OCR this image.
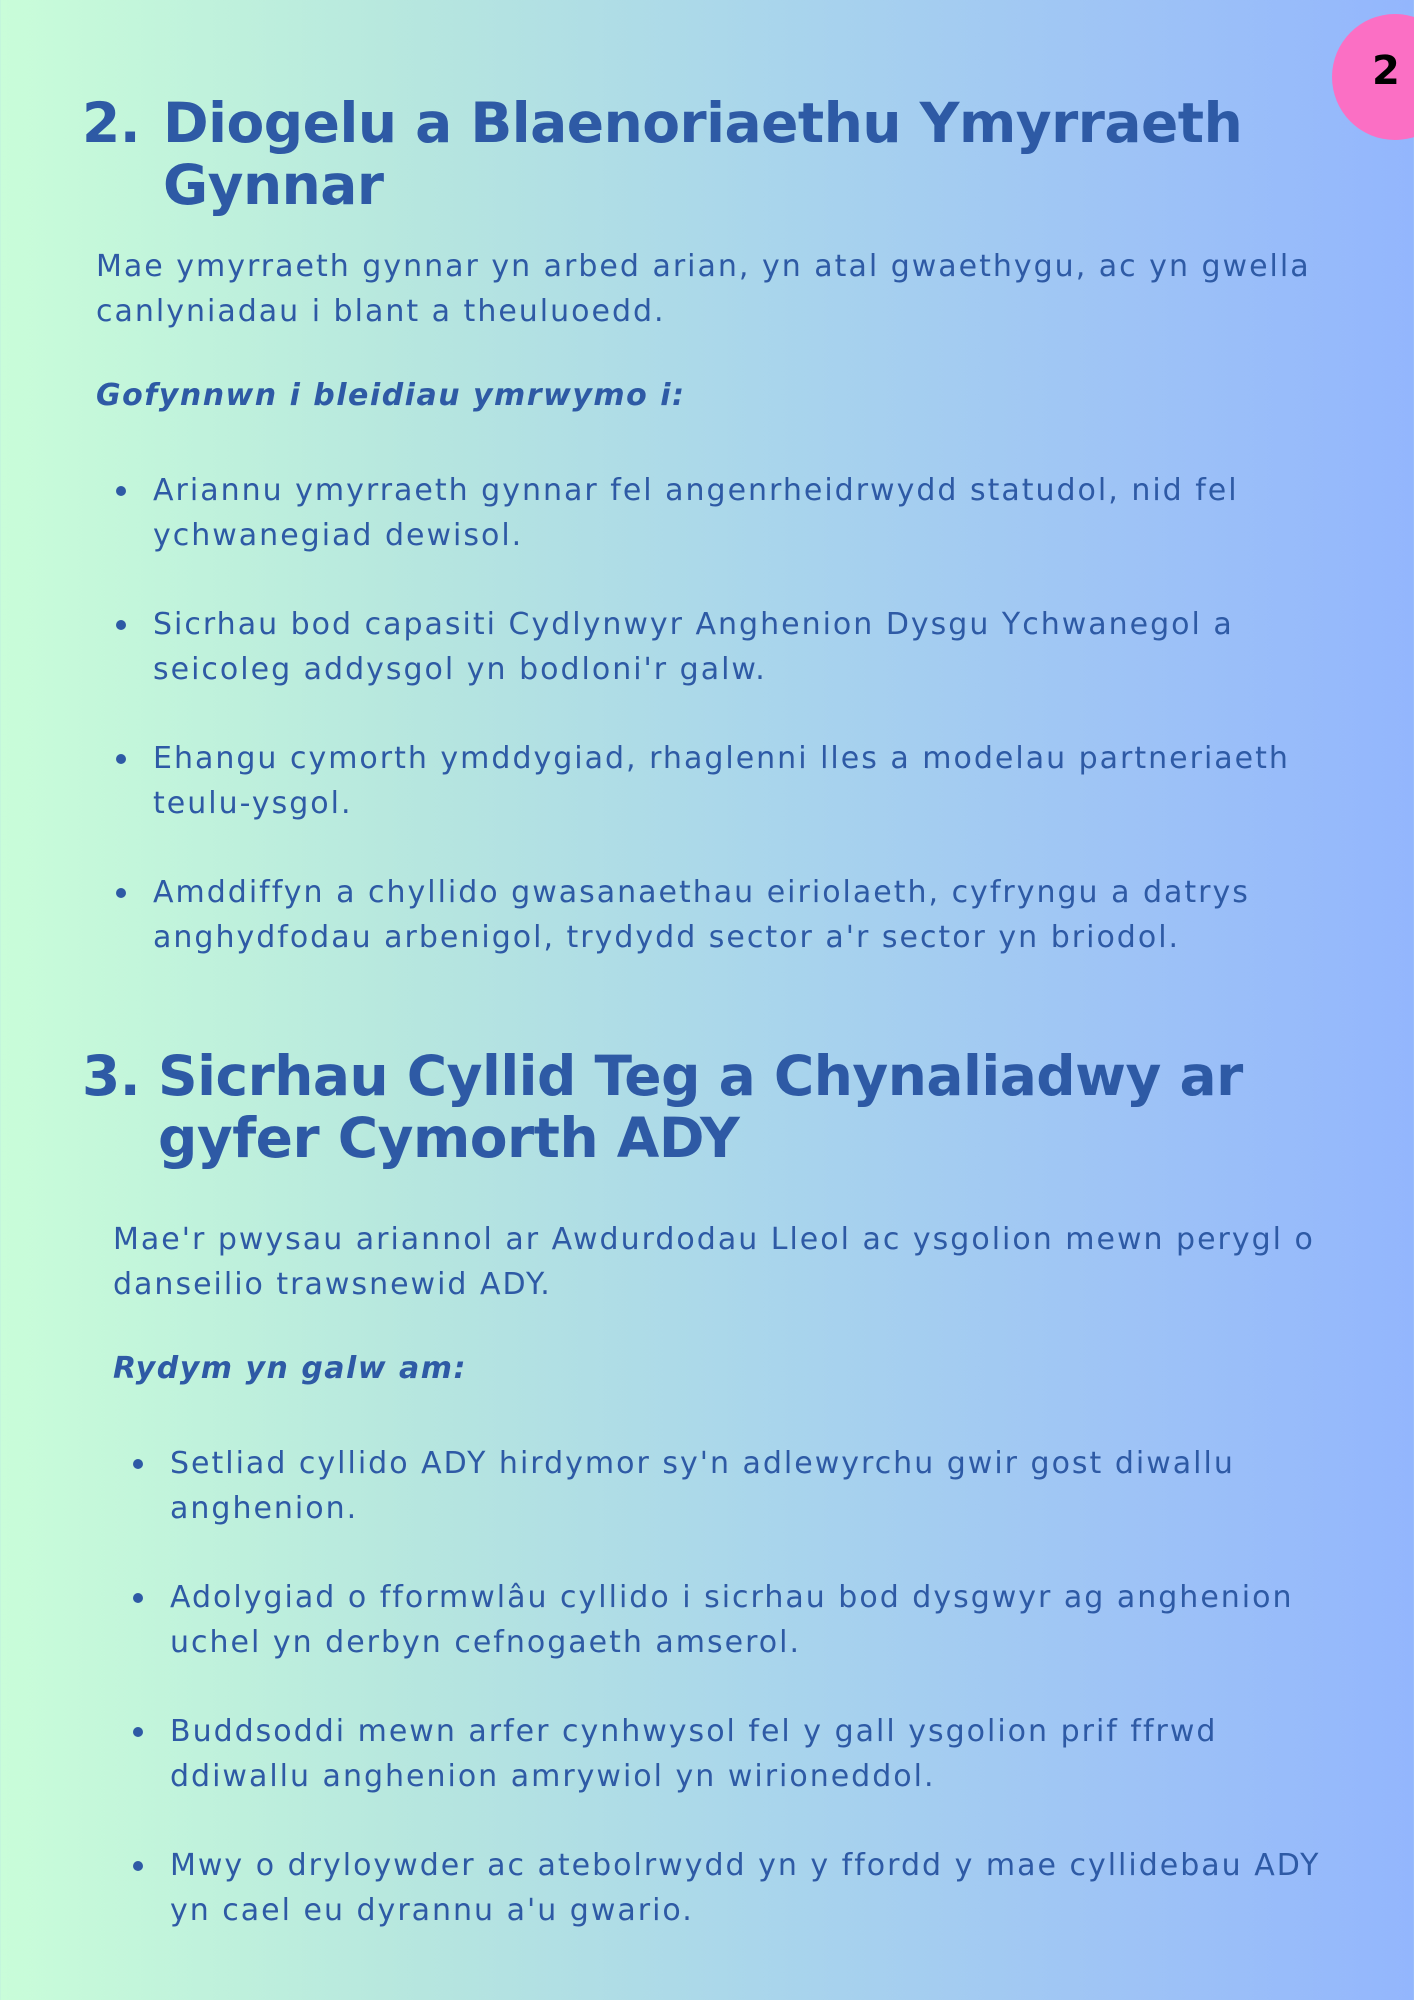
2
2. Diogelu a Blaenoriaethu Ymyrraeth Gynnar

Mae ymyrraeth gynnar yn arbed arian, yn atal gwaethygu, ac yn gwella canlyniadau i blant a theuluoedd.

Gofynnwn i bleidiau ymrwymo i:

Ariannu ymyrraeth gynnar fel angenrheidrwydd statudol, nid fel ychwanegiad dewisol.
Sicrhau bod capasiti Cydlynwyr Anghenion Dysgu Ychwanegol a seicoleg addysgol yn bodloni'r galw.
Ehangu cymorth ymddygiad, rhaglenni lles a modelau partneriaeth teulu-ysgol.
Amddiffyn a chyllido gwasanaethau eiriolaeth, cyfryngu a datrys anghydfodau arbenigol, trydydd sector a'r sector yn briodol.
3. Sicrhau Cyllid Teg a Chynaliadwy ar gyfer Cymorth ADY

Mae'r pwysau ariannol ar Awdurdodau Lleol ac ysgolion mewn perygl o danseilio trawsnewid ADY.

Rydym yn galw am:

Setliad cyllido ADY hirdymor sy'n adlewyrchu gwir gost diwallu anghenion.
Adolygiad o fformwlâu cyllido i sicrhau bod dysgwyr ag anghenion uchel yn derbyn cefnogaeth amserol.
Buddsoddi mewn arfer cynhwysol fel y gall ysgolion prif ffrwd ddiwallu anghenion amrywiol yn wirioneddol.
Mwy o dryloywder ac atebolrwydd yn y ffordd y mae cyllidebau ADY yn cael eu dyrannu a'u gwario.
